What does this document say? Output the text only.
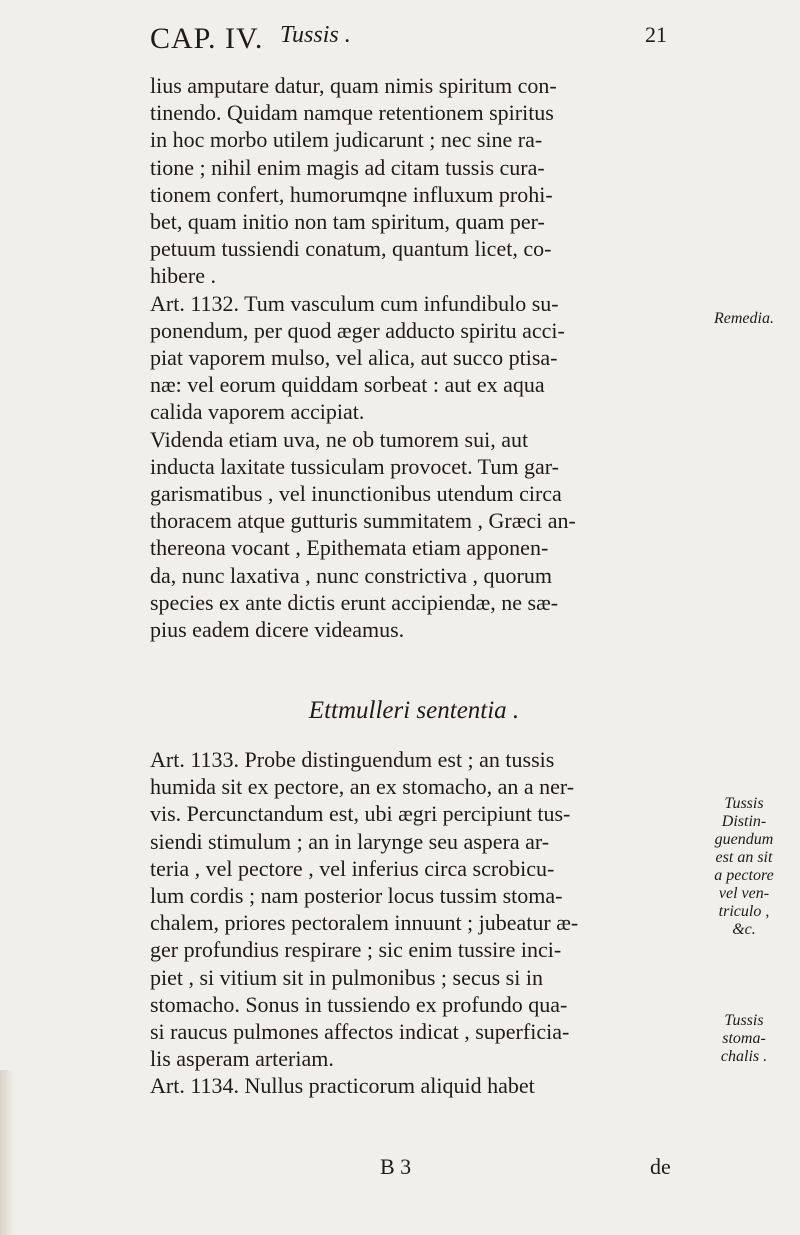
CAP. IV. Tussis .	21
lius amputare datur, quam nimis spiritum con-
tinendo. Quidam namque retentionem spiritus
in hoc morbo utilem judicarunt ; nec sine ra-
tione ; nihil enim magis ad citam tussis cura-
tionem confert, humorumqne influxum prohi-
bet, quam initio non tam spiritum, quam per-
petuum tussiendi conatum, quantum licet, co-
hibere .
Art. 1132. Tum vasculum cum infundibulo su-
ponendum, per quod æger adducto spiritu acci-
piat vaporem mulso, vel alica, aut succo ptisa-
næ: vel eorum quiddam sorbeat : aut ex aqua
calida vaporem accipiat.
Videnda etiam uva, ne ob tumorem sui, aut
inducta laxitate tussiculam provocet. Tum gar-
garismatibus , vel inunctionibus utendum circa
thoracem atque gutturis summitatem , Græci an-
thereona vocant , Epithemata etiam apponen-
da, nunc laxativa , nunc constrictiva , quorum
species ex ante dictis erunt accipiendæ, ne sæ-
pius eadem dicere videamus.
Ettmulleri sententia .
Art. 1133. Probe distinguendum est ; an tussis
humida sit ex pectore, an ex stomacho, an a ner-
vis. Percunctandum est, ubi ægri percipiunt tus-
siendi stimulum ; an in larynge seu aspera ar-
teria , vel pectore , vel inferius circa scrobicu-
lum cordis ; nam posterior locus tussim stoma-
chalem, priores pectoralem innuunt ; jubeatur æ-
ger profundius respirare ; sic enim tussire inci-
piet , si vitium sit in pulmonibus ; secus si in
stomacho. Sonus in tussiendo ex profundo qua-
si raucus pulmones affectos indicat , superficia-
lis asperam arteriam.
Art. 1134. Nullus practicorum aliquid habet
Remedia.
Tussis
Distin-
guendum
est an sit
a pectore
vel ven-
triculo ,
&c.
Tussis
stoma-
chalis .
B 3	de
